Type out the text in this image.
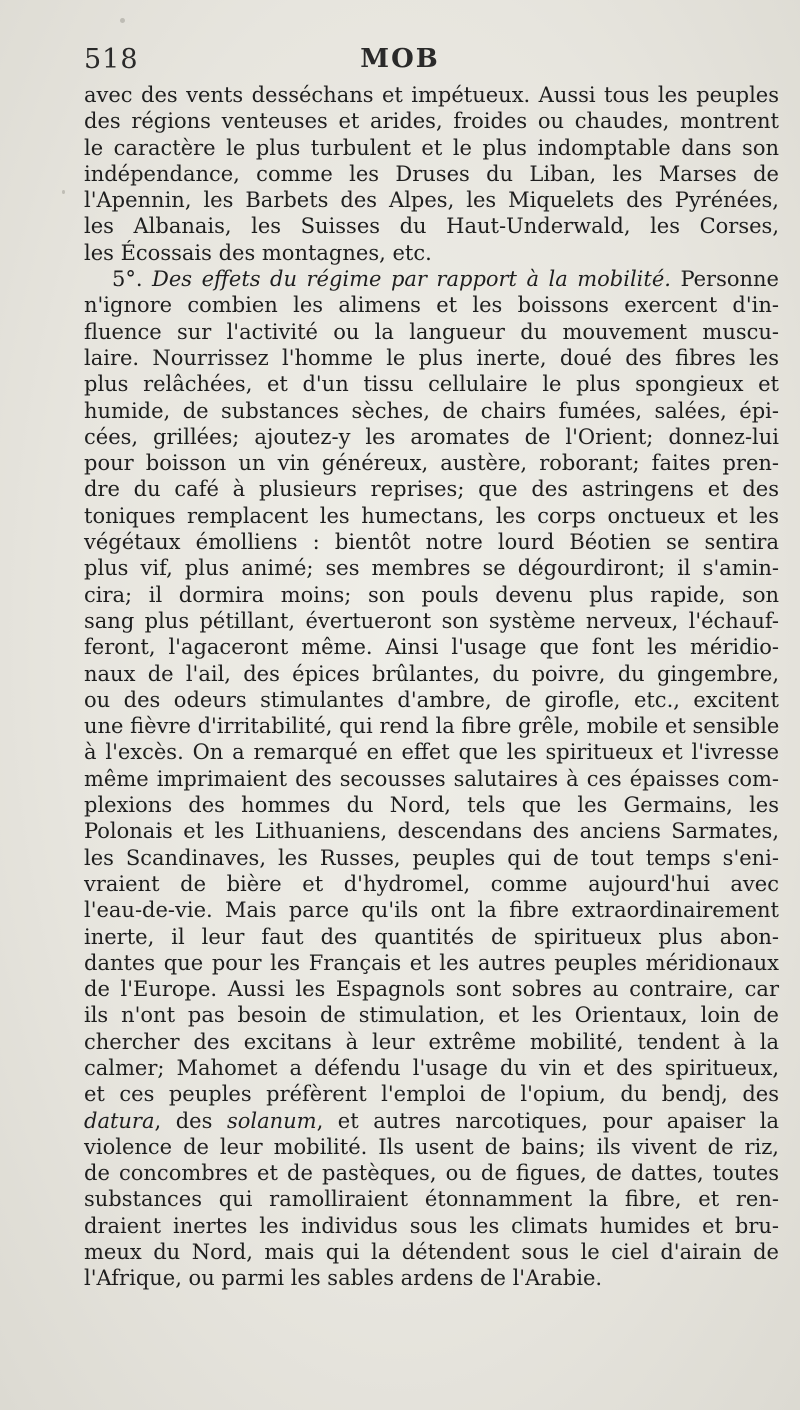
518	MOB
avec des vents desséchans et impétueux. Aussi tous les peuples
des régions venteuses et arides, froides ou chaudes, montrent
le caractère le plus turbulent et le plus indomptable dans son
indépendance, comme les Druses du Liban, les Marses de
l'Apennin, les Barbets des Alpes, les Miquelets des Pyrénées,
les Albanais, les Suisses du Haut-Underwald, les Corses,
les Écossais des montagnes, etc.
5°. Des effets du régime par rapport à la mobilité. Personne
n'ignore combien les alimens et les boissons exercent d'in-
fluence sur l'activité ou la langueur du mouvement muscu-
laire. Nourrissez l'homme le plus inerte, doué des fibres les
plus relâchées, et d'un tissu cellulaire le plus spongieux et
humide, de substances sèches, de chairs fumées, salées, épi-
cées, grillées; ajoutez-y les aromates de l'Orient; donnez-lui
pour boisson un vin généreux, austère, roborant; faites pren-
dre du café à plusieurs reprises; que des astringens et des
toniques remplacent les humectans, les corps onctueux et les
végétaux émolliens : bientôt notre lourd Béotien se sentira
plus vif, plus animé; ses membres se dégourdiront; il s'amin-
cira; il dormira moins; son pouls devenu plus rapide, son
sang plus pétillant, évertueront son système nerveux, l'échauf-
feront, l'agaceront même. Ainsi l'usage que font les méridio-
naux de l'ail, des épices brûlantes, du poivre, du gingembre,
ou des odeurs stimulantes d'ambre, de girofle, etc., excitent
une fièvre d'irritabilité, qui rend la fibre grêle, mobile et sensible
à l'excès. On a remarqué en effet que les spiritueux et l'ivresse
même imprimaient des secousses salutaires à ces épaisses com-
plexions des hommes du Nord, tels que les Germains, les
Polonais et les Lithuaniens, descendans des anciens Sarmates,
les Scandinaves, les Russes, peuples qui de tout temps s'eni-
vraient de bière et d'hydromel, comme aujourd'hui avec
l'eau-de-vie. Mais parce qu'ils ont la fibre extraordinairement
inerte, il leur faut des quantités de spiritueux plus abon-
dantes que pour les Français et les autres peuples méridionaux
de l'Europe. Aussi les Espagnols sont sobres au contraire, car
ils n'ont pas besoin de stimulation, et les Orientaux, loin de
chercher des excitans à leur extrême mobilité, tendent à la
calmer; Mahomet a défendu l'usage du vin et des spiritueux,
et ces peuples préfèrent l'emploi de l'opium, du bendj, des
datura, des solanum, et autres narcotiques, pour apaiser la
violence de leur mobilité. Ils usent de bains; ils vivent de riz,
de concombres et de pastèques, ou de figues, de dattes, toutes
substances qui ramolliraient étonnamment la fibre, et ren-
draient inertes les individus sous les climats humides et bru-
meux du Nord, mais qui la détendent sous le ciel d'airain de
l'Afrique, ou parmi les sables ardens de l'Arabie.
